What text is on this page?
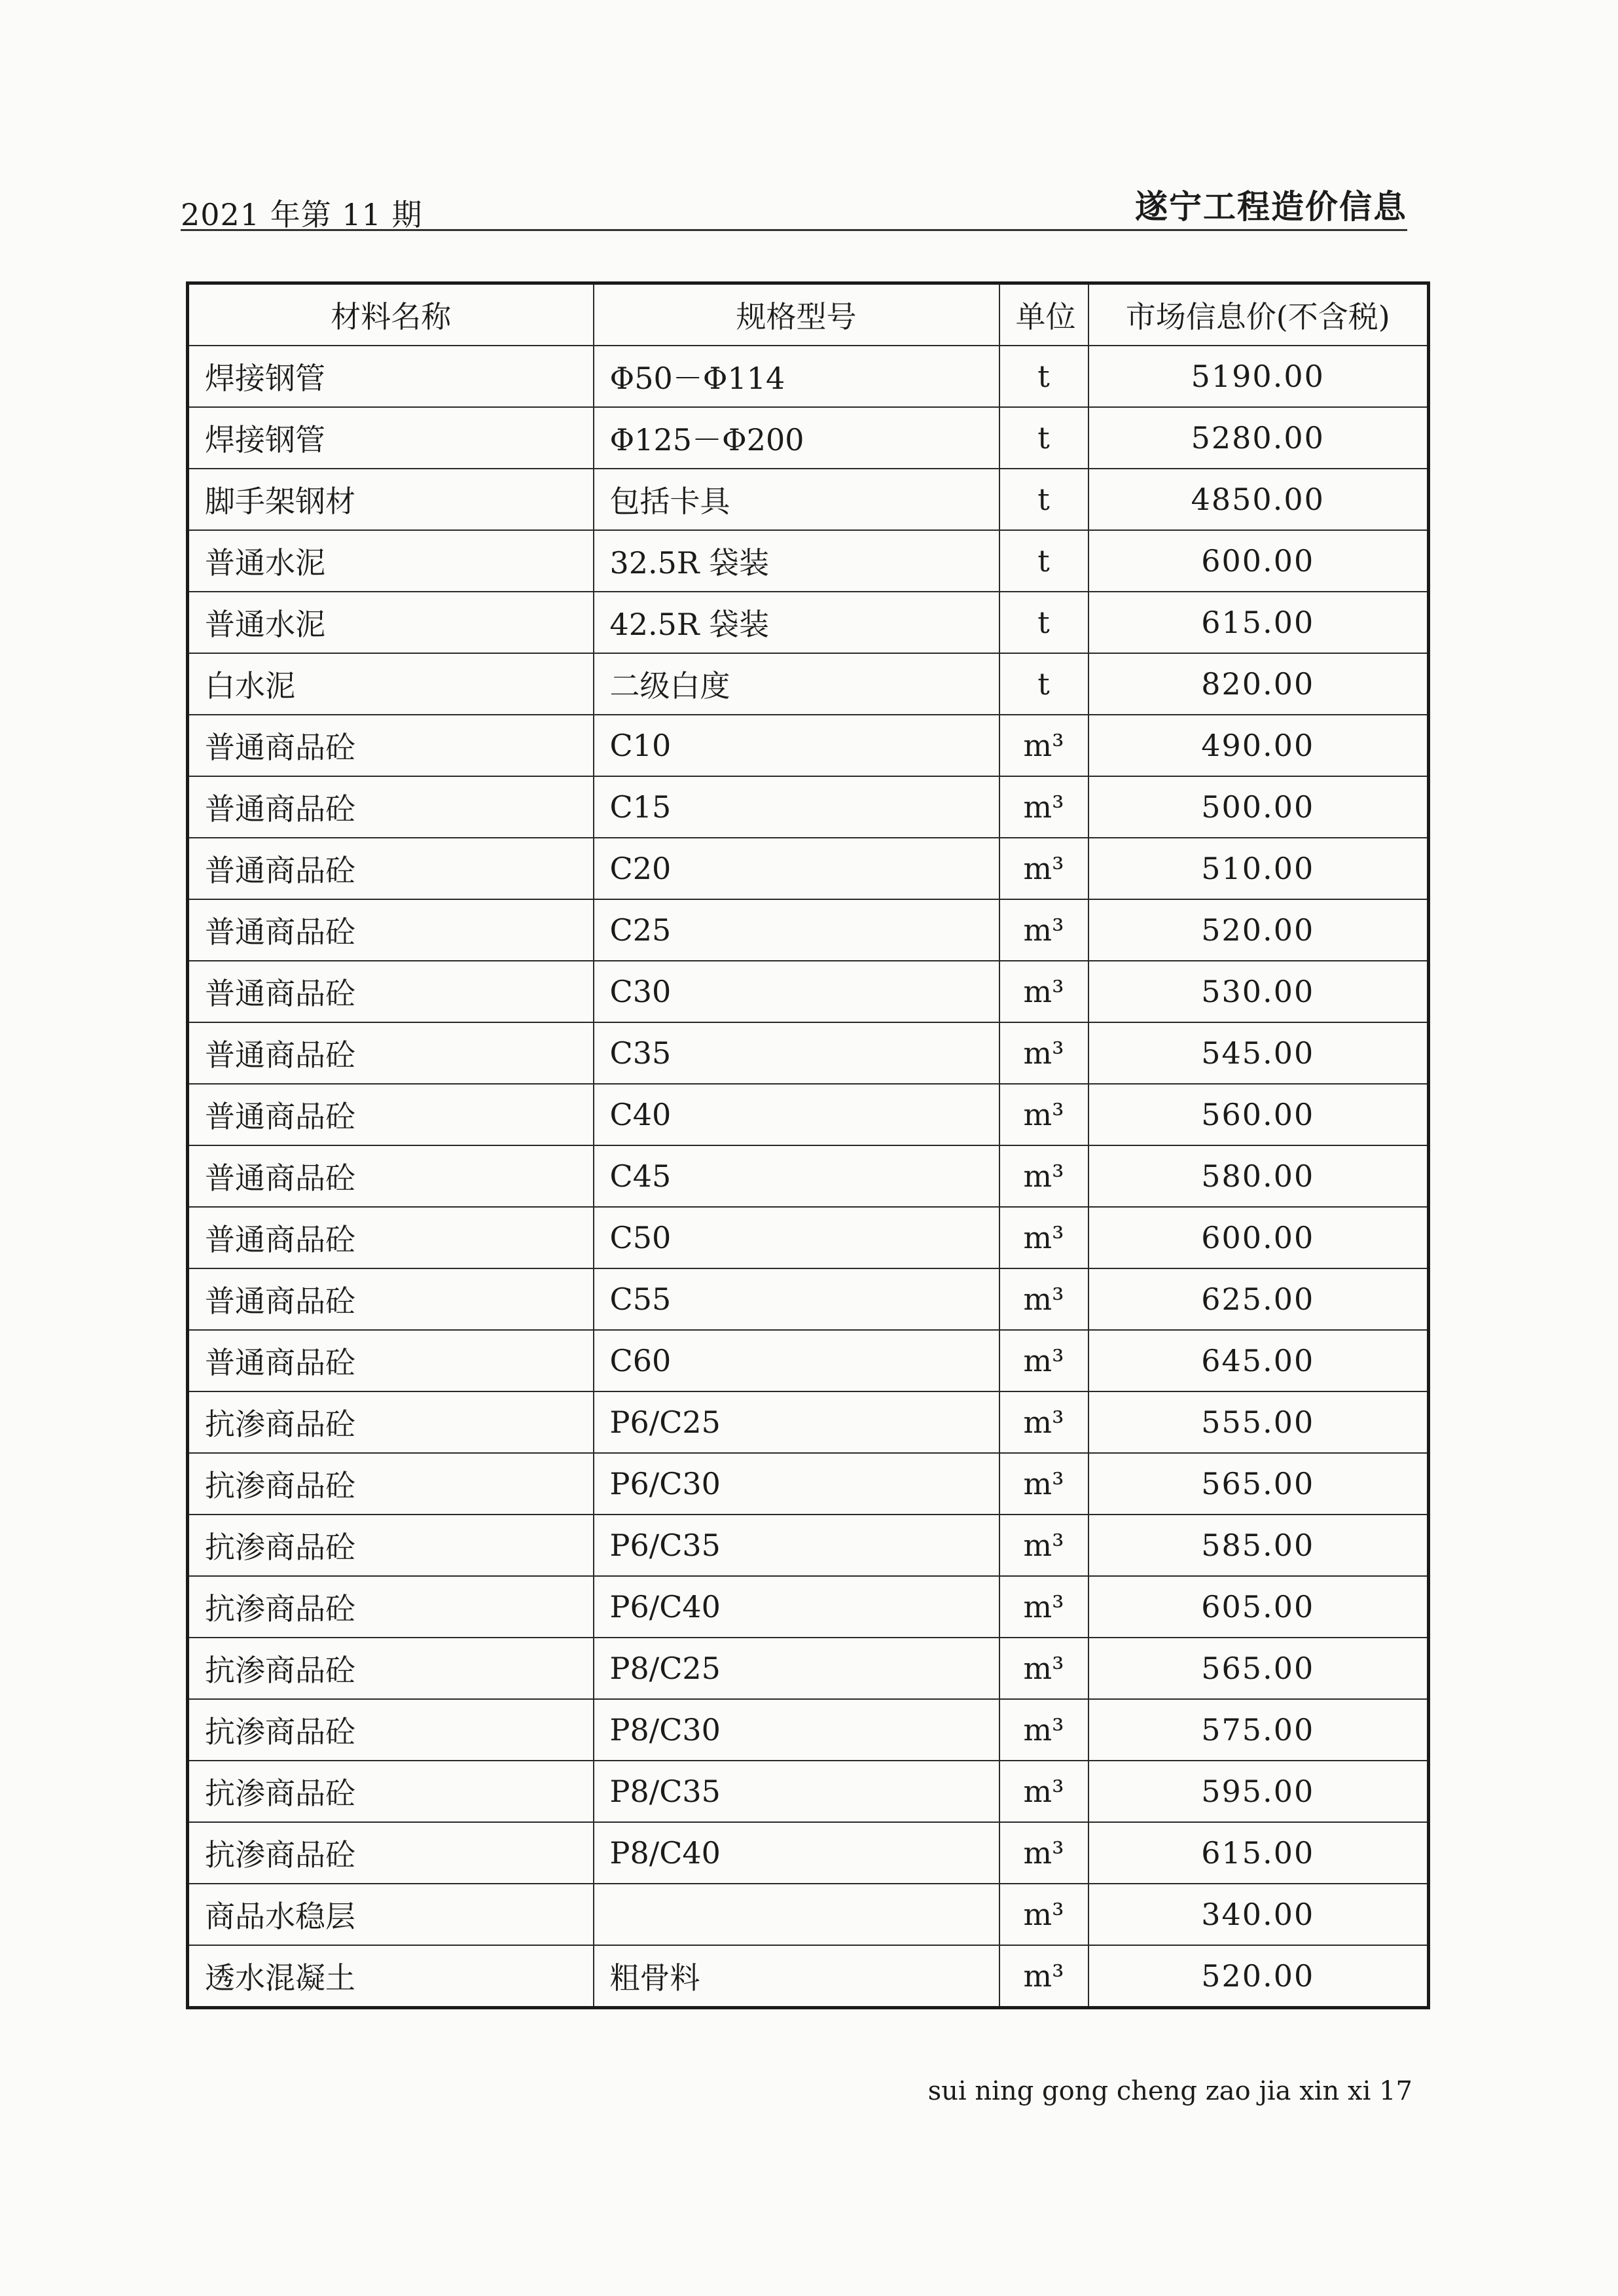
2021 年第 11 期	遂宁工程造价信息
材料名称	规格型号	单位	市场信息价(不含税)
焊接钢管	Φ50－Φ114	t	5190.00
焊接钢管	Φ125－Φ200	t	5280.00
脚手架钢材	包括卡具	t	4850.00
普通水泥	32.5R 袋装	t	600.00
普通水泥	42.5R 袋装	t	615.00
白水泥	二级白度	t	820.00
普通商品砼	C10	m³	490.00
普通商品砼	C15	m³	500.00
普通商品砼	C20	m³	510.00
普通商品砼	C25	m³	520.00
普通商品砼	C30	m³	530.00
普通商品砼	C35	m³	545.00
普通商品砼	C40	m³	560.00
普通商品砼	C45	m³	580.00
普通商品砼	C50	m³	600.00
普通商品砼	C55	m³	625.00
普通商品砼	C60	m³	645.00
抗渗商品砼	P6/C25	m³	555.00
抗渗商品砼	P6/C30	m³	565.00
抗渗商品砼	P6/C35	m³	585.00
抗渗商品砼	P6/C40	m³	605.00
抗渗商品砼	P8/C25	m³	565.00
抗渗商品砼	P8/C30	m³	575.00
抗渗商品砼	P8/C35	m³	595.00
抗渗商品砼	P8/C40	m³	615.00
商品水稳层		m³	340.00
透水混凝土	粗骨料	m³	520.00
sui ning gong cheng zao jia xin xi 17
